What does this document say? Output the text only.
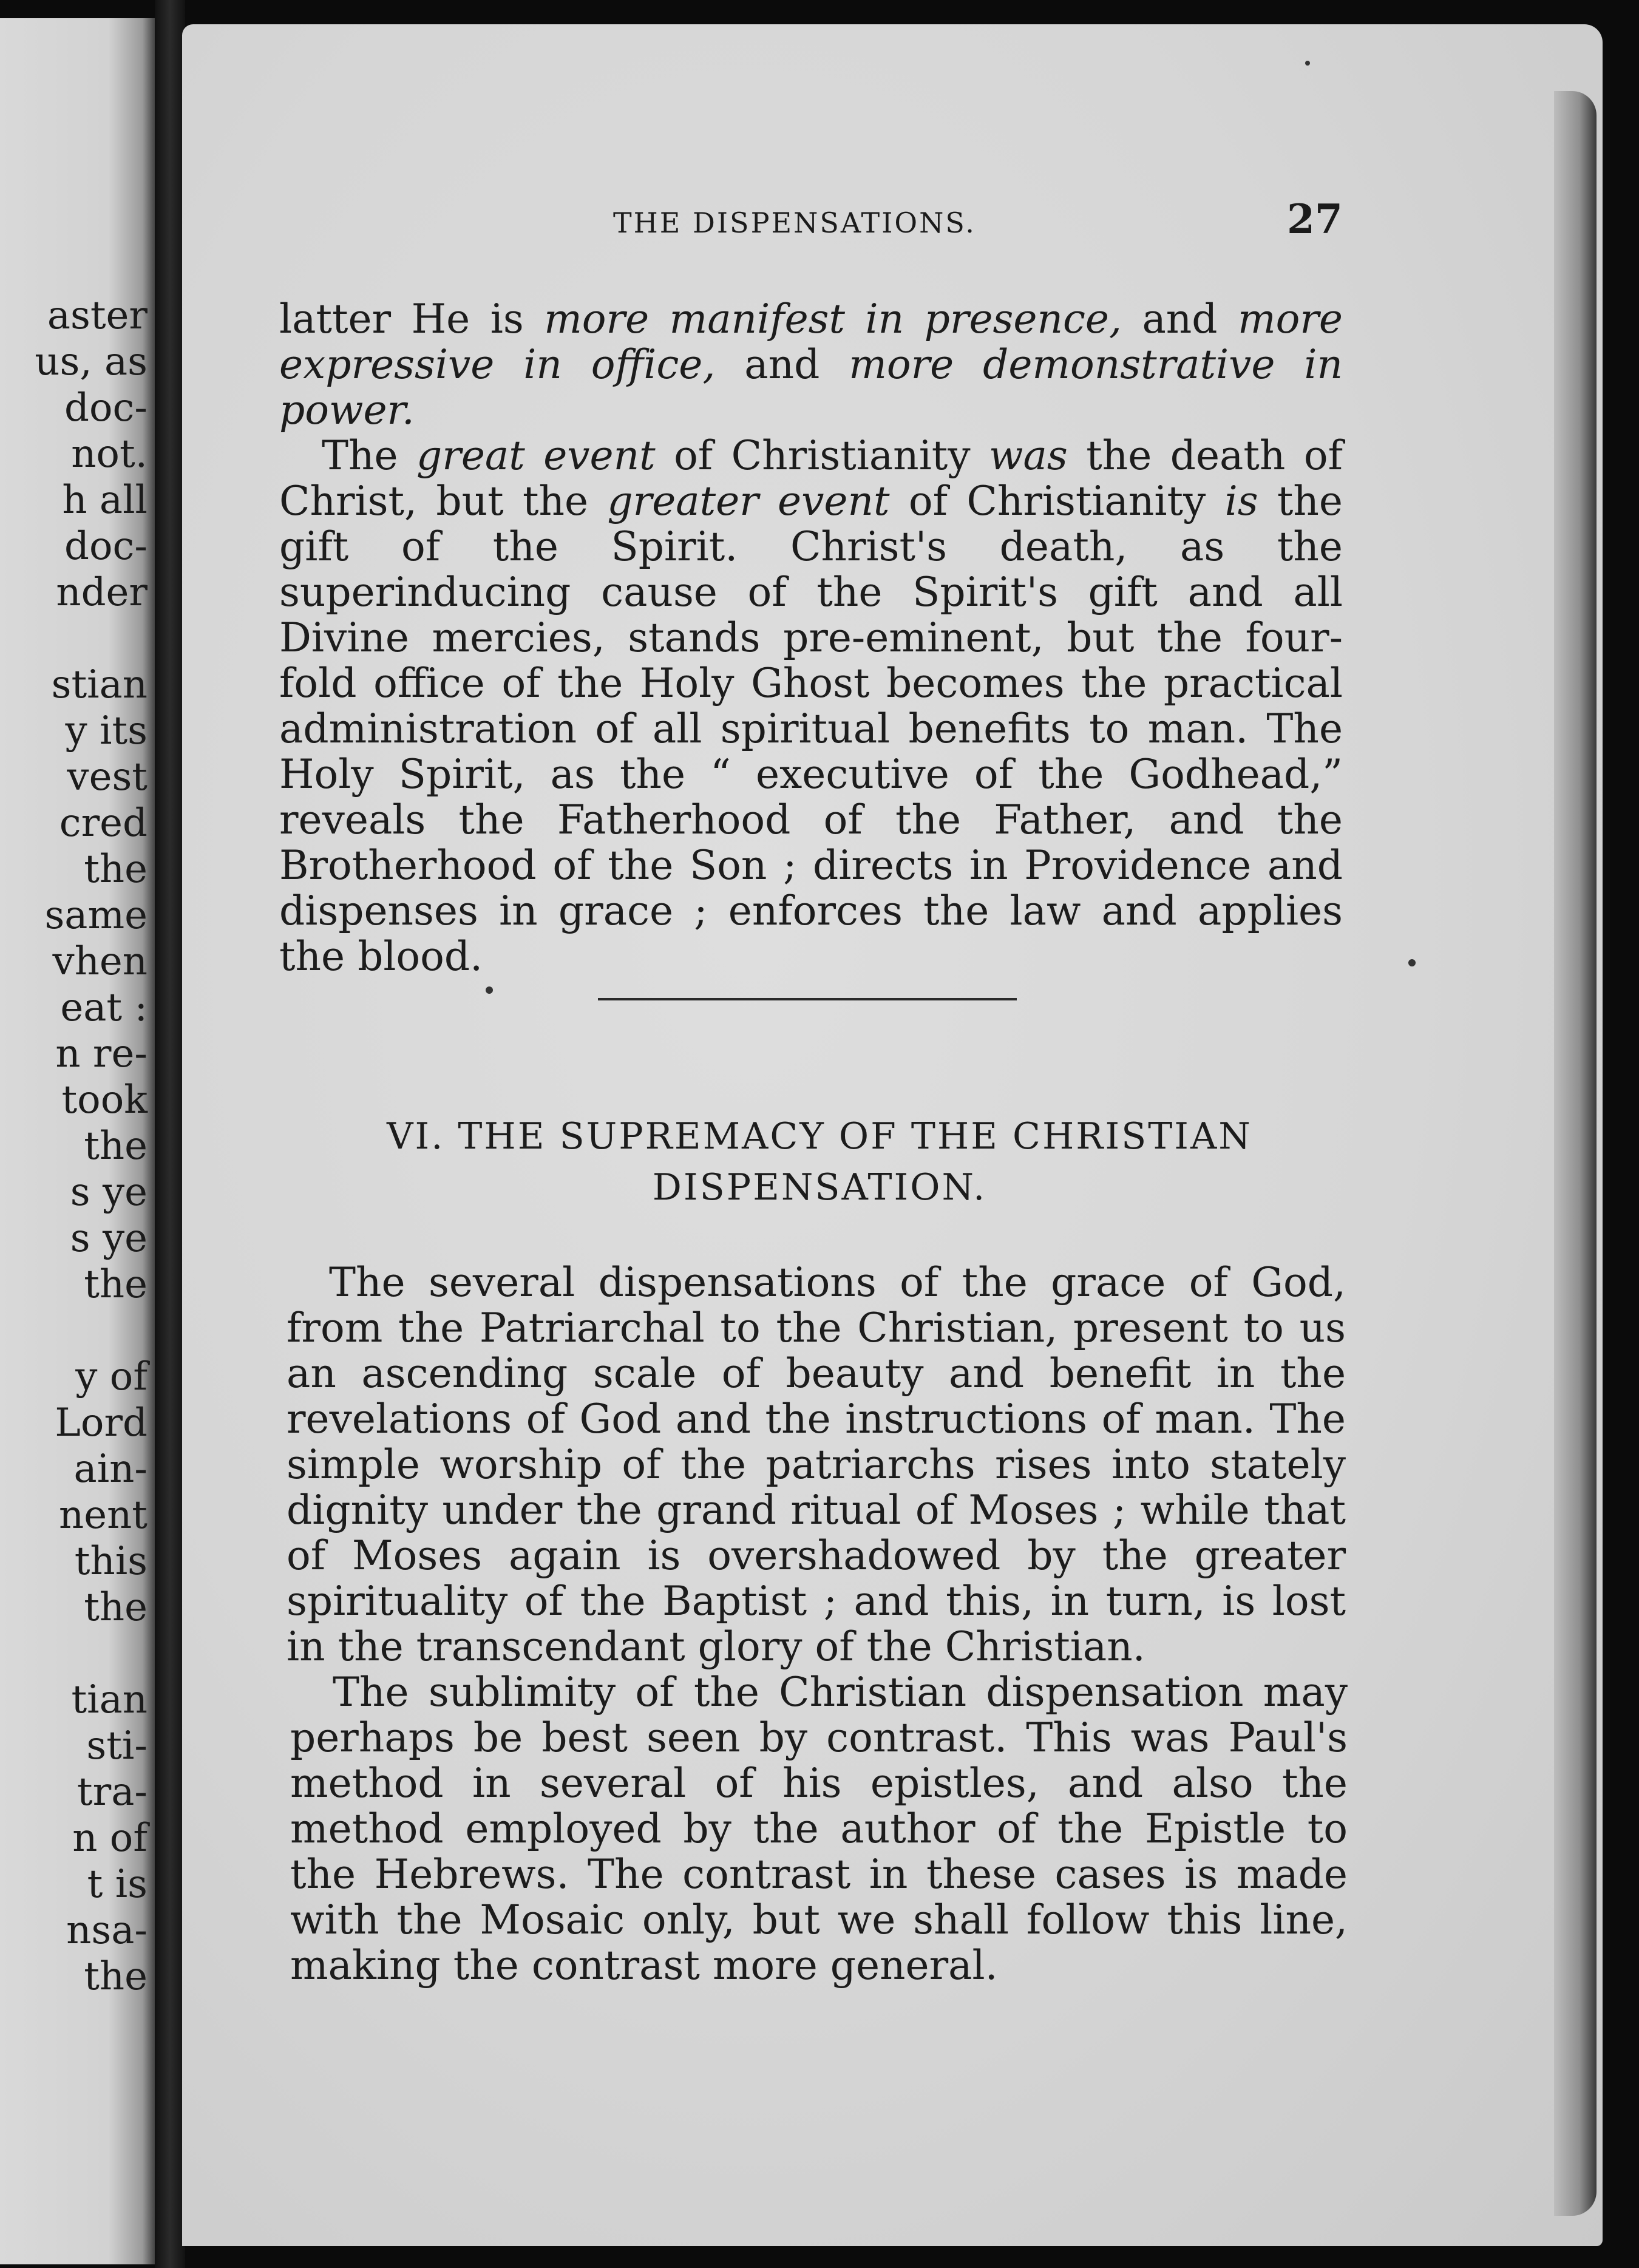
aster
us, as
doc-
not.
h all
doc-
nder
stian
y its
vest
cred
the
same
vhen
eat :
n re-
took
the
s ye
s ye
the
y of
Lord
ain-
nent
this
the
tian
sti-
tra-
n of
t is
nsa-
the
THE DISPENSATIONS.	27

latter He is more manifest in presence, and more expressive in office, and more demonstrative in power.

The great event of Christianity was the death of Christ, but the greater event of Christianity is the gift of the Spirit. Christ's death, as the superinducing cause of the Spirit's gift and all Divine mercies, stands pre-eminent, but the four-fold office of the Holy Ghost becomes the practical administration of all spiritual benefits to man. The Holy Spirit, as the “ executive of the Godhead,” reveals the Fatherhood of the Father, and the Brotherhood of the Son ; directs in Providence and dispenses in grace ; enforces the law and applies the blood.

VI. THE SUPREMACY OF THE CHRISTIAN
DISPENSATION.

The several dispensations of the grace of God, from the Patriarchal to the Christian, present to us an ascending scale of beauty and benefit in the revelations of God and the instructions of man. The simple worship of the patriarchs rises into stately dignity under the grand ritual of Moses ; while that of Moses again is overshadowed by the greater spirituality of the Baptist ; and this, in turn, is lost in the transcendant glory of the Christian.

The sublimity of the Christian dispensation may perhaps be best seen by contrast. This was Paul's method in several of his epistles, and also the method employed by the author of the Epistle to the Hebrews. The contrast in these cases is made with the Mosaic only, but we shall follow this line, making the contrast more general.
